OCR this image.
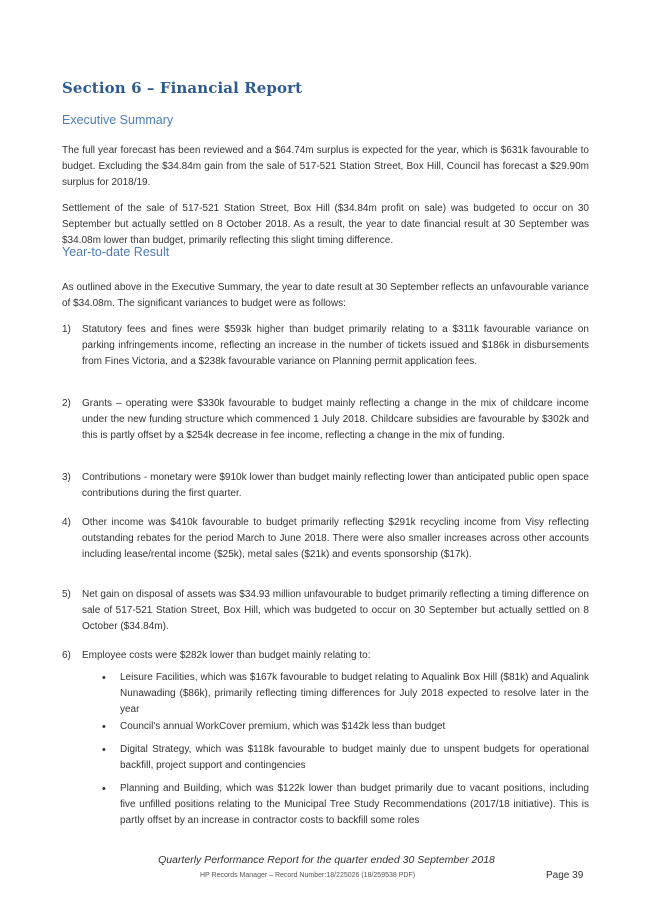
Section 6 – Financial Report
Executive Summary

The full year forecast has been reviewed and a $64.74m surplus is expected for the year, which is $631k favourable to budget. Excluding the $34.84m gain from the sale of 517-521 Station Street, Box Hill, Council has forecast a $29.90m surplus for 2018/19.

Settlement of the sale of 517-521 Station Street, Box Hill ($34.84m profit on sale) was budgeted to occur on 30 September but actually settled on 8 October 2018. As a result, the year to date financial result at 30 September was $34.08m lower than budget, primarily reflecting this slight timing difference.

Year-to-date Result

As outlined above in the Executive Summary, the year to date result at 30 September reflects an unfavourable variance of $34.08m. The significant variances to budget were as follows:

1) Statutory fees and fines were $593k higher than budget primarily relating to a $311k favourable variance on parking infringements income, reflecting an increase in the number of tickets issued and $186k in disbursements from Fines Victoria, and a $238k favourable variance on Planning permit application fees.
2) Grants – operating were $330k favourable to budget mainly reflecting a change in the mix of childcare income under the new funding structure which commenced 1 July 2018. Childcare subsidies are favourable by $302k and this is partly offset by a $254k decrease in fee income, reflecting a change in the mix of funding.
3) Contributions - monetary were $910k lower than budget mainly reflecting lower than anticipated public open space contributions during the first quarter.
4) Other income was $410k favourable to budget primarily reflecting $291k recycling income from Visy reflecting outstanding rebates for the period March to June 2018. There were also smaller increases across other accounts including lease/rental income ($25k), metal sales ($21k) and events sponsorship ($17k).
5) Net gain on disposal of assets was $34.93 million unfavourable to budget primarily reflecting a timing difference on sale of 517-521 Station Street, Box Hill, which was budgeted to occur on 30 September but actually settled on 8 October ($34.84m).
6) Employee costs were $282k lower than budget mainly relating to:
• Leisure Facilities, which was $167k favourable to budget relating to Aqualink Box Hill ($81k) and Aqualink Nunawading ($86k), primarily reflecting timing differences for July 2018 expected to resolve later in the year
• Council's annual WorkCover premium, which was $142k less than budget
• Digital Strategy, which was $118k favourable to budget mainly due to unspent budgets for operational backfill, project support and contingencies
• Planning and Building, which was $122k lower than budget primarily due to vacant positions, including five unfilled positions relating to the Municipal Tree Study Recommendations (2017/18 initiative). This is partly offset by an increase in contractor costs to backfill some roles
Quarterly Performance Report for the quarter ended 30 September 2018
HP Records Manager – Record Number:18/225026 (18/259538 PDF)	Page 39
